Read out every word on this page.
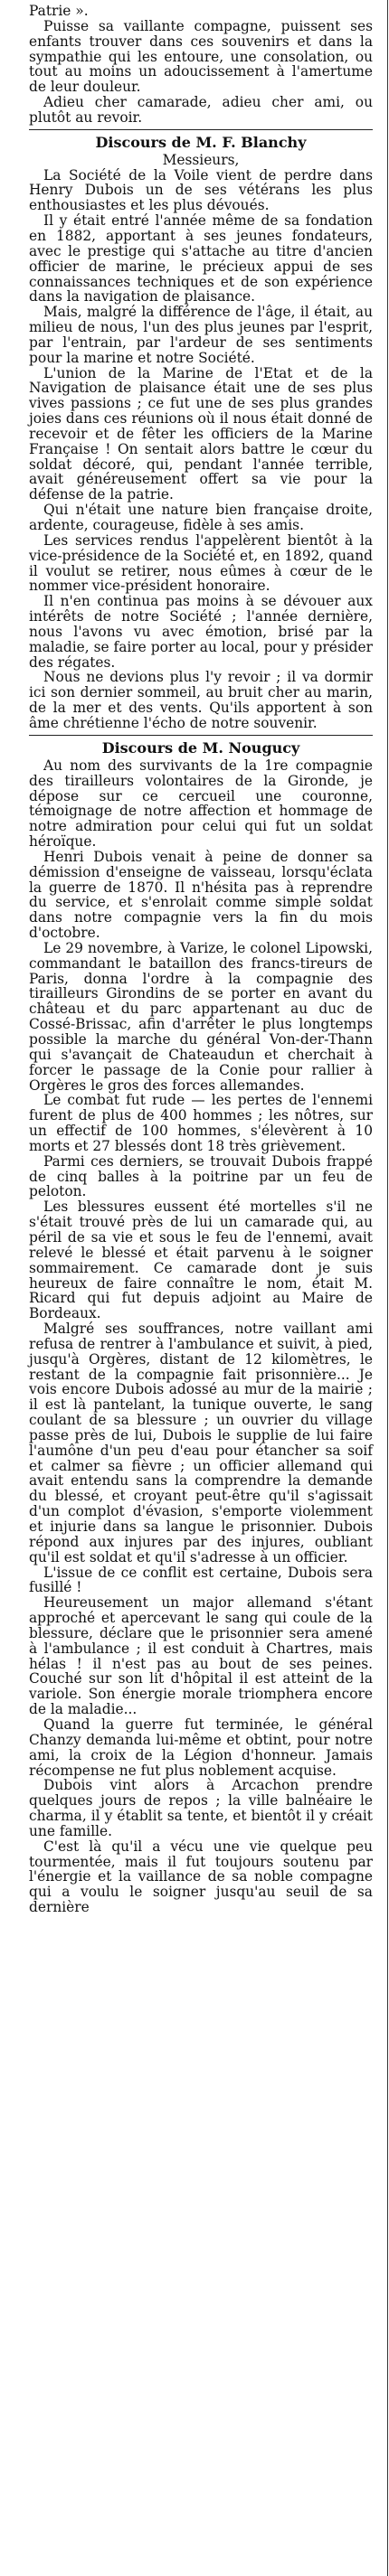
Patrie ».

Puisse sa vaillante compagne, puissent ses enfants trouver dans ces souvenirs et dans la sympathie qui les entoure, une consolation, ou tout au moins un adoucissement à l'amertume de leur douleur.

Adieu cher camarade, adieu cher ami, ou plutôt au revoir.

Discours de M. F. Blanchy

Messieurs,

La Société de la Voile vient de perdre dans Henry Dubois un de ses vétérans les plus enthousiastes et les plus dévoués.

Il y était entré l'année même de sa fondation en 1882, apportant à ses jeunes fondateurs, avec le prestige qui s'attache au titre d'ancien officier de marine, le précieux appui de ses connaissances techniques et de son expérience dans la navigation de plaisance.

Mais, malgré la différence de l'âge, il était, au milieu de nous, l'un des plus jeunes par l'esprit, par l'entrain, par l'ardeur de ses sentiments pour la marine et notre Société.

L'union de la Marine de l'Etat et de la Navigation de plaisance était une de ses plus vives passions ; ce fut une de ses plus grandes joies dans ces réunions où il nous était donné de recevoir et de fêter les officiers de la Marine Française ! On sentait alors battre le cœur du soldat décoré, qui, pendant l'année terrible, avait généreusement offert sa vie pour la défense de la patrie.

Qui n'était une nature bien française droite, ardente, courageuse, fidèle à ses amis.

Les services rendus l'appelèrent bientôt à la vice-présidence de la Société et, en 1892, quand il voulut se retirer, nous eûmes à cœur de le nommer vice-président honoraire.

Il n'en continua pas moins à se dévouer aux intérêts de notre Société ; l'année dernière, nous l'avons vu avec émotion, brisé par la maladie, se faire porter au local, pour y présider des régates.

Nous ne devions plus l'y revoir ; il va dormir ici son dernier sommeil, au bruit cher au marin, de la mer et des vents. Qu'ils apportent à son âme chrétienne l'écho de notre souvenir.

Discours de M. Nougucy

Au nom des survivants de la 1re compagnie des tirailleurs volontaires de la Gironde, je dépose sur ce cercueil une couronne, témoignage de notre affection et hommage de notre admiration pour celui qui fut un soldat héroïque.

Henri Dubois venait à peine de donner sa démission d'enseigne de vaisseau, lorsqu'éclata la guerre de 1870. Il n'hésita pas à reprendre du service, et s'enrolait comme simple soldat dans notre compagnie vers la fin du mois d'octobre.

Le 29 novembre, à Varize, le colonel Lipowski, commandant le bataillon des francs-tireurs de Paris, donna l'ordre à la compagnie des tirailleurs Girondins de se porter en avant du château et du parc appartenant au duc de Cossé-Brissac, afin d'arrêter le plus longtemps possible la marche du général Von-der-Thann qui s'avançait de Chateaudun et cherchait à forcer le passage de la Conie pour rallier à Orgères le gros des forces allemandes.

Le combat fut rude — les pertes de l'ennemi furent de plus de 400 hommes ; les nôtres, sur un effectif de 100 hommes, s'élevèrent à 10 morts et 27 blessés dont 18 très grièvement.

Parmi ces derniers, se trouvait Dubois frappé de cinq balles à la poitrine par un feu de peloton.

Les blessures eussent été mortelles s'il ne s'était trouvé près de lui un camarade qui, au péril de sa vie et sous le feu de l'ennemi, avait relevé le blessé et était parvenu à le soigner sommairement. Ce camarade dont je suis heureux de faire connaître le nom, était M. Ricard qui fut depuis adjoint au Maire de Bordeaux.

Malgré ses souffrances, notre vaillant ami refusa de rentrer à l'ambulance et suivit, à pied, jusqu'à Orgères, distant de 12 kilomètres, le restant de la compagnie fait prisonnière... Je vois encore Dubois adossé au mur de la mairie ; il est là pantelant, la tunique ouverte, le sang coulant de sa blessure ; un ouvrier du village passe près de lui, Dubois le supplie de lui faire l'aumône d'un peu d'eau pour étancher sa soif et calmer sa fièvre ; un officier allemand qui avait entendu sans la comprendre la demande du blessé, et croyant peut-être qu'il s'agissait d'un complot d'évasion, s'emporte violemment et injurie dans sa langue le prisonnier. Dubois répond aux injures par des injures, oubliant qu'il est soldat et qu'il s'adresse à un officier.

L'issue de ce conflit est certaine, Dubois sera fusillé !

Heureusement un major allemand s'étant approché et apercevant le sang qui coule de la blessure, déclare que le prisonnier sera amené à l'ambulance ; il est conduit à Chartres, mais hélas ! il n'est pas au bout de ses peines. Couché sur son lit d'hôpital il est atteint de la variole. Son énergie morale triomphera encore de la maladie...

Quand la guerre fut terminée, le général Chanzy demanda lui-même et obtint, pour notre ami, la croix de la Légion d'honneur. Jamais récompense ne fut plus noblement acquise.

Dubois vint alors à Arcachon prendre quelques jours de repos ; la ville balnéaire le charma, il y établit sa tente, et bientôt il y créait une famille.

C'est là qu'il a vécu une vie quelque peu tourmentée, mais il fut toujours soutenu par l'énergie et la vaillance de sa noble compagne qui a voulu le soigner jusqu'au seuil de sa dernière
